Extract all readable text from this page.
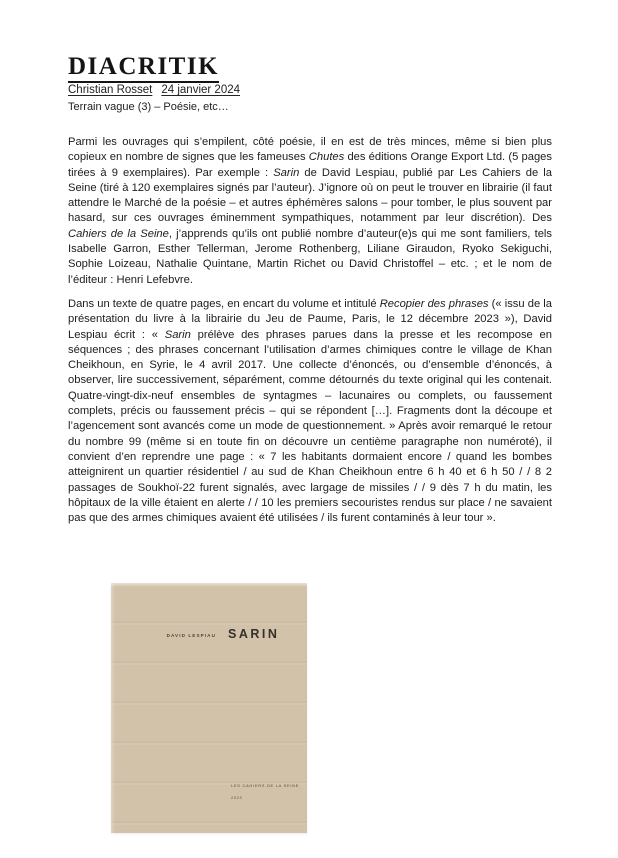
DIACRITIK
Christian Rosset 24 janvier 2024
Terrain vague (3) – Poésie, etc…

Parmi les ouvrages qui s’empilent, côté poésie, il en est de très minces, même si bien plus copieux en nombre de signes que les fameuses Chutes des éditions Orange Export Ltd. (5 pages tirées à 9 exemplaires). Par exemple : Sarin de David Lespiau, publié par Les Cahiers de la Seine (tiré à 120 exemplaires signés par l’auteur). J’ignore où on peut le trouver en librairie (il faut attendre le Marché de la poésie – et autres éphémères salons – pour tomber, le plus souvent par hasard, sur ces ouvrages éminemment sympathiques, notamment par leur discrétion). Des Cahiers de la Seine, j’apprends qu’ils ont publié nombre d’auteur(e)s qui me sont familiers, tels Isabelle Garron, Esther Tellerman, Jerome Rothenberg, Liliane Giraudon, Ryoko Sekiguchi, Sophie Loizeau, Nathalie Quintane, Martin Richet ou David Christoffel – etc. ; et le nom de l’éditeur : Henri Lefebvre.

Dans un texte de quatre pages, en encart du volume et intitulé Recopier des phrases (« issu de la présentation du livre à la librairie du Jeu de Paume, Paris, le 12 décembre 2023 »), David Lespiau écrit : « Sarin prélève des phrases parues dans la presse et les recompose en séquences ; des phrases concernant l’utilisation d’armes chimiques contre le village de Khan Cheikhoun, en Syrie, le 4 avril 2017. Une collecte d’énoncés, ou d’ensemble d’énoncés, à observer, lire successivement, séparément, comme détournés du texte original qui les contenait. Quatre-vingt-dix-neuf ensembles de syntagmes – lacunaires ou complets, ou faussement complets, précis ou faussement précis – qui se répondent […]. Fragments dont la découpe et l’agencement sont avancés come un mode de questionnement. » Après avoir remarqué le retour du nombre 99 (même si en toute fin on découvre un centième paragraphe non numéroté), il convient d’en reprendre une page : « 7 les habitants dormaient encore / quand les bombes atteignirent un quartier résidentiel / au sud de Khan Cheikhoun entre 6 h 40 et 6 h 50 / / 8 2 passages de Soukhoï-22 furent signalés, avec largage de missiles / / 9 dès 7 h du matin, les hôpitaux de la ville étaient en alerte / / 10 les premiers secouristes rendus sur place / ne savaient pas que des armes chimiques avaient été utilisées / ils furent contaminés à leur tour ».

DAVID LESPIAU SARIN
LES CAHIERS DE LA SEINE
2023
